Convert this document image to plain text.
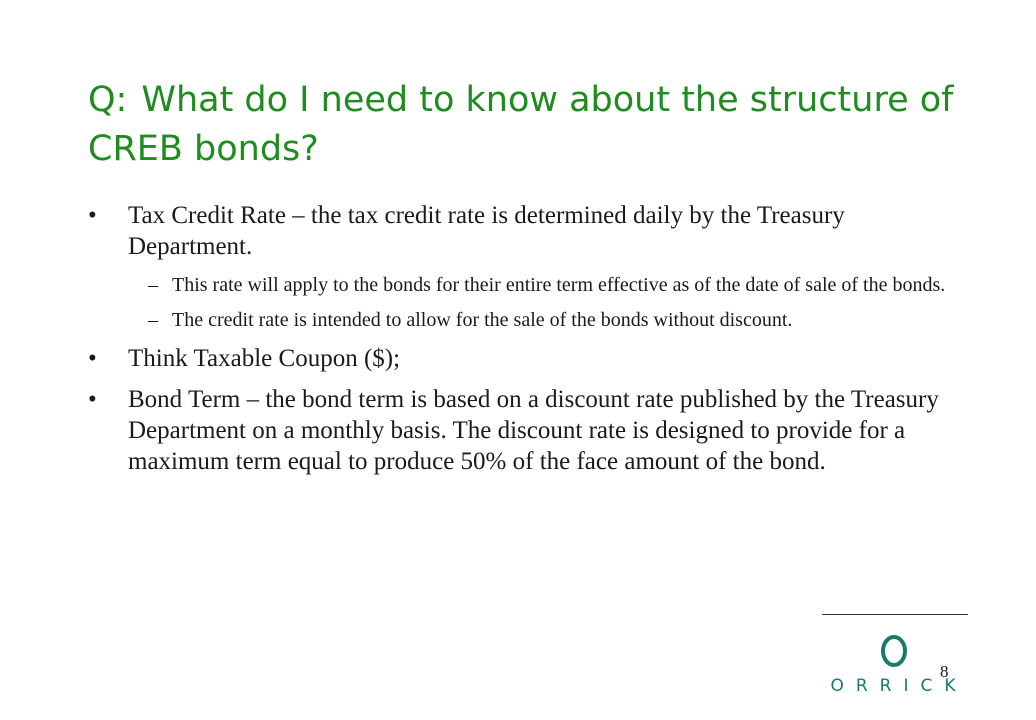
Q: What do I need to know about the structure of CREB bonds?
•	Tax Credit Rate – the tax credit rate is determined daily by the Treasury Department.
– This rate will apply to the bonds for their entire term effective as of the date of sale of the bonds.
– The credit rate is intended to allow for the sale of the bonds without discount.
•	Think Taxable Coupon ($);
•	Bond Term – the bond term is based on a discount rate published by the Treasury Department on a monthly basis. The discount rate is designed to provide for a maximum term equal to produce 50% of the face amount of the bond.
ORRICK
8
